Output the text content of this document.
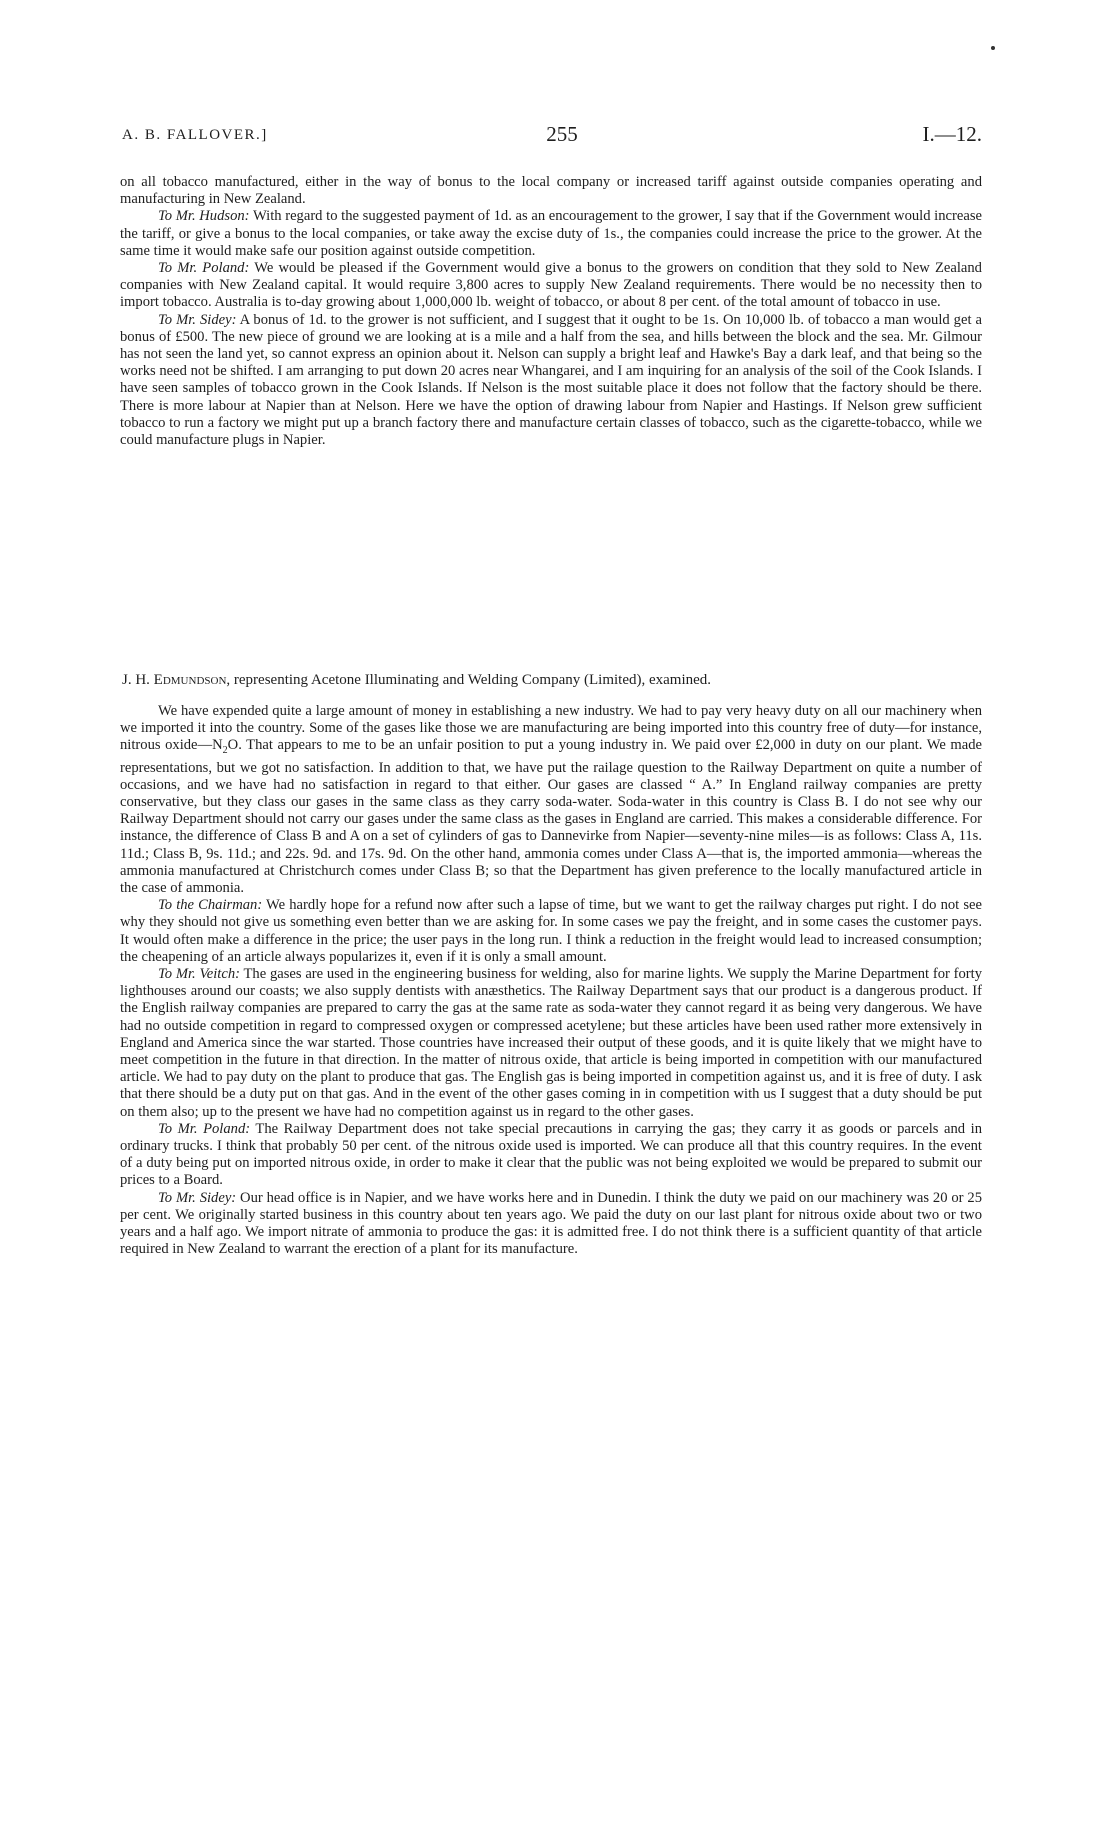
A. B. FALLOVER.]	255	I.—12.

on all tobacco manufactured, either in the way of bonus to the local company or increased tariff against outside companies operating and manufacturing in New Zealand.

To Mr. Hudson: With regard to the suggested payment of 1d. as an encouragement to the grower, I say that if the Government would increase the tariff, or give a bonus to the local companies, or take away the excise duty of 1s., the companies could increase the price to the grower. At the same time it would make safe our position against outside competition.

To Mr. Poland: We would be pleased if the Government would give a bonus to the growers on condition that they sold to New Zealand companies with New Zealand capital. It would require 3,800 acres to supply New Zealand requirements. There would be no necessity then to import tobacco. Australia is to-day growing about 1,000,000 lb. weight of tobacco, or about 8 per cent. of the total amount of tobacco in use.

To Mr. Sidey: A bonus of 1d. to the grower is not sufficient, and I suggest that it ought to be 1s. On 10,000 lb. of tobacco a man would get a bonus of £500. The new piece of ground we are looking at is a mile and a half from the sea, and hills between the block and the sea. Mr. Gilmour has not seen the land yet, so cannot express an opinion about it. Nelson can supply a bright leaf and Hawke's Bay a dark leaf, and that being so the works need not be shifted. I am arranging to put down 20 acres near Whangarei, and I am inquiring for an analysis of the soil of the Cook Islands. I have seen samples of tobacco grown in the Cook Islands. If Nelson is the most suitable place it does not follow that the factory should be there. There is more labour at Napier than at Nelson. Here we have the option of drawing labour from Napier and Hastings. If Nelson grew sufficient tobacco to run a factory we might put up a branch factory there and manufacture certain classes of tobacco, such as the cigarette-tobacco, while we could manufacture plugs in Napier.

J. H. Edmundson, representing Acetone Illuminating and Welding Company (Limited), examined.

We have expended quite a large amount of money in establishing a new industry. We had to pay very heavy duty on all our machinery when we imported it into the country. Some of the gases like those we are manufacturing are being imported into this country free of duty—for instance, nitrous $oxide—N_2O$. That appears to me to be an unfair position to put a young industry in. We paid over £2,000 in duty on our plant. We made representations, but we got no satisfaction. In addition to that, we have put the railage question to the Railway Department on quite a number of occasions, and we have had no satisfaction in regard to that either. Our gases are classed “ A.” In England railway companies are pretty conservative, but they class our gases in the same class as they carry soda-water. Soda-water in this country is Class B. I do not see why our Railway Department should not carry our gases under the same class as the gases in England are carried. This makes a considerable difference. For instance, the difference of Class B and A on a set of cylinders of gas to Dannevirke from Napier—seventy-nine miles—is as follows: Class A, 11s. 11d.; Class B, 9s. 11d.; and 22s. 9d. and 17s. 9d. On the other hand, ammonia comes under Class A—that is, the imported ammonia—whereas the ammonia manufactured at Christchurch comes under Class B; so that the Department has given preference to the locally manufactured article in the case of ammonia.

To the Chairman: We hardly hope for a refund now after such a lapse of time, but we want to get the railway charges put right. I do not see why they should not give us something even better than we are asking for. In some cases we pay the freight, and in some cases the customer pays. It would often make a difference in the price; the user pays in the long run. I think a reduction in the freight would lead to increased consumption; the cheapening of an article always popularizes it, even if it is only a small amount.

To Mr. Veitch: The gases are used in the engineering business for welding, also for marine lights. We supply the Marine Department for forty lighthouses around our coasts; we also supply dentists with anæsthetics. The Railway Department says that our product is a dangerous product. If the English railway companies are prepared to carry the gas at the same rate as soda-water they cannot regard it as being very dangerous. We have had no outside competition in regard to compressed oxygen or compressed acetylene; but these articles have been used rather more extensively in England and America since the war started. Those countries have increased their output of these goods, and it is quite likely that we might have to meet competition in the future in that direction. In the matter of nitrous oxide, that article is being imported in competition with our manufactured article. We had to pay duty on the plant to produce that gas. The English gas is being imported in competition against us, and it is free of duty. I ask that there should be a duty put on that gas. And in the event of the other gases coming in in competition with us I suggest that a duty should be put on them also; up to the present we have had no competition against us in regard to the other gases.

To Mr. Poland: The Railway Department does not take special precautions in carrying the gas; they carry it as goods or parcels and in ordinary trucks. I think that probably 50 per cent. of the nitrous oxide used is imported. We can produce all that this country requires. In the event of a duty being put on imported nitrous oxide, in order to make it clear that the public was not being exploited we would be prepared to submit our prices to a Board.

To Mr. Sidey: Our head office is in Napier, and we have works here and in Dunedin. I think the duty we paid on our machinery was 20 or 25 per cent. We originally started business in this country about ten years ago. We paid the duty on our last plant for nitrous oxide about two or two years and a half ago. We import nitrate of ammonia to produce the gas: it is admitted free. I do not think there is a sufficient quantity of that article required in New Zealand to warrant the erection of a plant for its manufacture.
